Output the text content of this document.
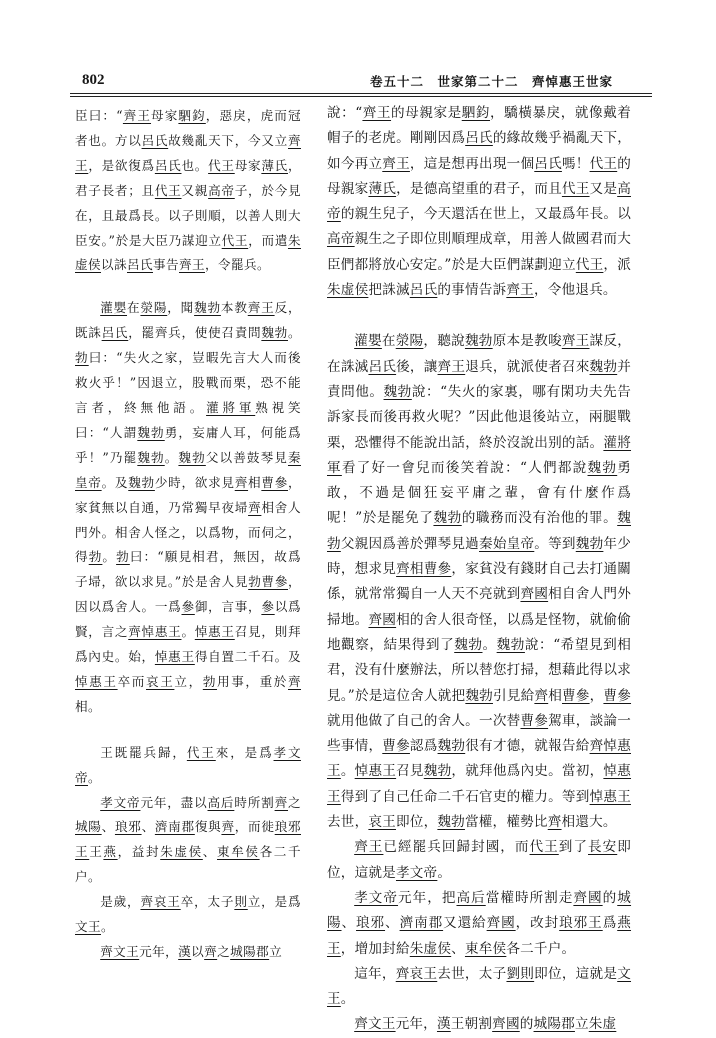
802	卷五十二　世家第二十二　齊悼惠王世家

臣曰：“齊王母家駟鈞，惡戾，虎而冠者也。方以呂氏故幾亂天下，今又立齊王，是欲復爲呂氏也。代王母家薄氏，君子長者；且代王又親高帝子，於今見在，且最爲長。以子則順，以善人則大臣安。”於是大臣乃謀迎立代王，而遣朱虚侯以誅呂氏事告齊王，令罷兵。

灌嬰在滎陽，聞魏勃本教齊王反，既誅呂氏，罷齊兵，使使召責問魏勃。勃曰：“失火之家，豈暇先言大人而後救火乎！”因退立，股戰而栗，恐不能言者，終無他語。灌將軍熟視笑曰：“人謂魏勃勇，妄庸人耳，何能爲乎！”乃罷魏勃。魏勃父以善鼓琴見秦皇帝。及魏勃少時，欲求見齊相曹參，家貧無以自通，乃常獨早夜埽齊相舍人門外。相舍人怪之，以爲物，而伺之，得勃。勃曰：“願見相君，無因，故爲子埽，欲以求見。”於是舍人見勃曹參，因以爲舍人。一爲參御，言事，參以爲賢，言之齊悼惠王。悼惠王召見，則拜爲內史。始，悼惠王得自置二千石。及悼惠王卒而哀王立，勃用事，重於齊相。

王既罷兵歸，代王來，是爲孝文帝。

孝文帝元年，盡以高后時所割齊之城陽、琅邪、濟南郡復與齊，而徙琅邪王王燕，益封朱虚侯、東牟侯各二千户。

是歲，齊哀王卒，太子則立，是爲文王。

齊文王元年，漢以齊之城陽郡立

說：“齊王的母親家是駟鈞，驕橫暴戾，就像戴着帽子的老虎。剛剛因爲呂氏的緣故幾乎禍亂天下，如今再立齊王，這是想再出現一個呂氏嗎！代王的母親家薄氏，是德高望重的君子，而且代王又是高帝的親生兒子，今天還活在世上，又最爲年長。以高帝親生之子即位則順理成章，用善人做國君而大臣們都將放心安定。”於是大臣們謀劃迎立代王，派朱虚侯把誅滅呂氏的事情告訴齊王，令他退兵。

灌嬰在滎陽，聽說魏勃原本是教唆齊王謀反，在誅滅呂氏後，讓齊王退兵，就派使者召來魏勃并責問他。魏勃說：“失火的家裏，哪有閑功夫先告訴家長而後再救火呢？”因此他退後站立，兩腿戰栗，恐懼得不能說出話，終於沒說出别的話。灌將軍看了好一會兒而後笑着說：“人們都說魏勃勇敢，不過是個狂妄平庸之輩，會有什麼作爲呢！”於是罷免了魏勃的職務而没有治他的罪。魏勃父親因爲善於彈琴見過秦始皇帝。等到魏勃年少時，想求見齊相曹參，家貧没有錢財自己去打通關係，就常常獨自一人天不亮就到齊國相自舍人門外掃地。齊國相的舍人很奇怪，以爲是怪物，就偷偷地觀察，結果得到了魏勃。魏勃說：“希望見到相君，没有什麼辦法，所以替您打掃，想藉此得以求見。”於是這位舍人就把魏勃引見給齊相曹參，曹參就用他做了自己的舍人。一次替曹參駕車，談論一些事情，曹參認爲魏勃很有才德，就報告給齊悼惠王。悼惠王召見魏勃，就拜他爲內史。當初，悼惠王得到了自己任命二千石官吏的權力。等到悼惠王去世，哀王即位，魏勃當權，權勢比齊相還大。

齊王已經罷兵回歸封國，而代王到了長安即位，這就是孝文帝。

孝文帝元年，把高后當權時所割走齊國的城陽、琅邪、濟南郡又還給齊國，改封琅邪王爲燕王，增加封給朱虚侯、東牟侯各二千户。

這年，齊哀王去世，太子劉則即位，這就是文王。

齊文王元年，漢王朝割齊國的城陽郡立朱虚
